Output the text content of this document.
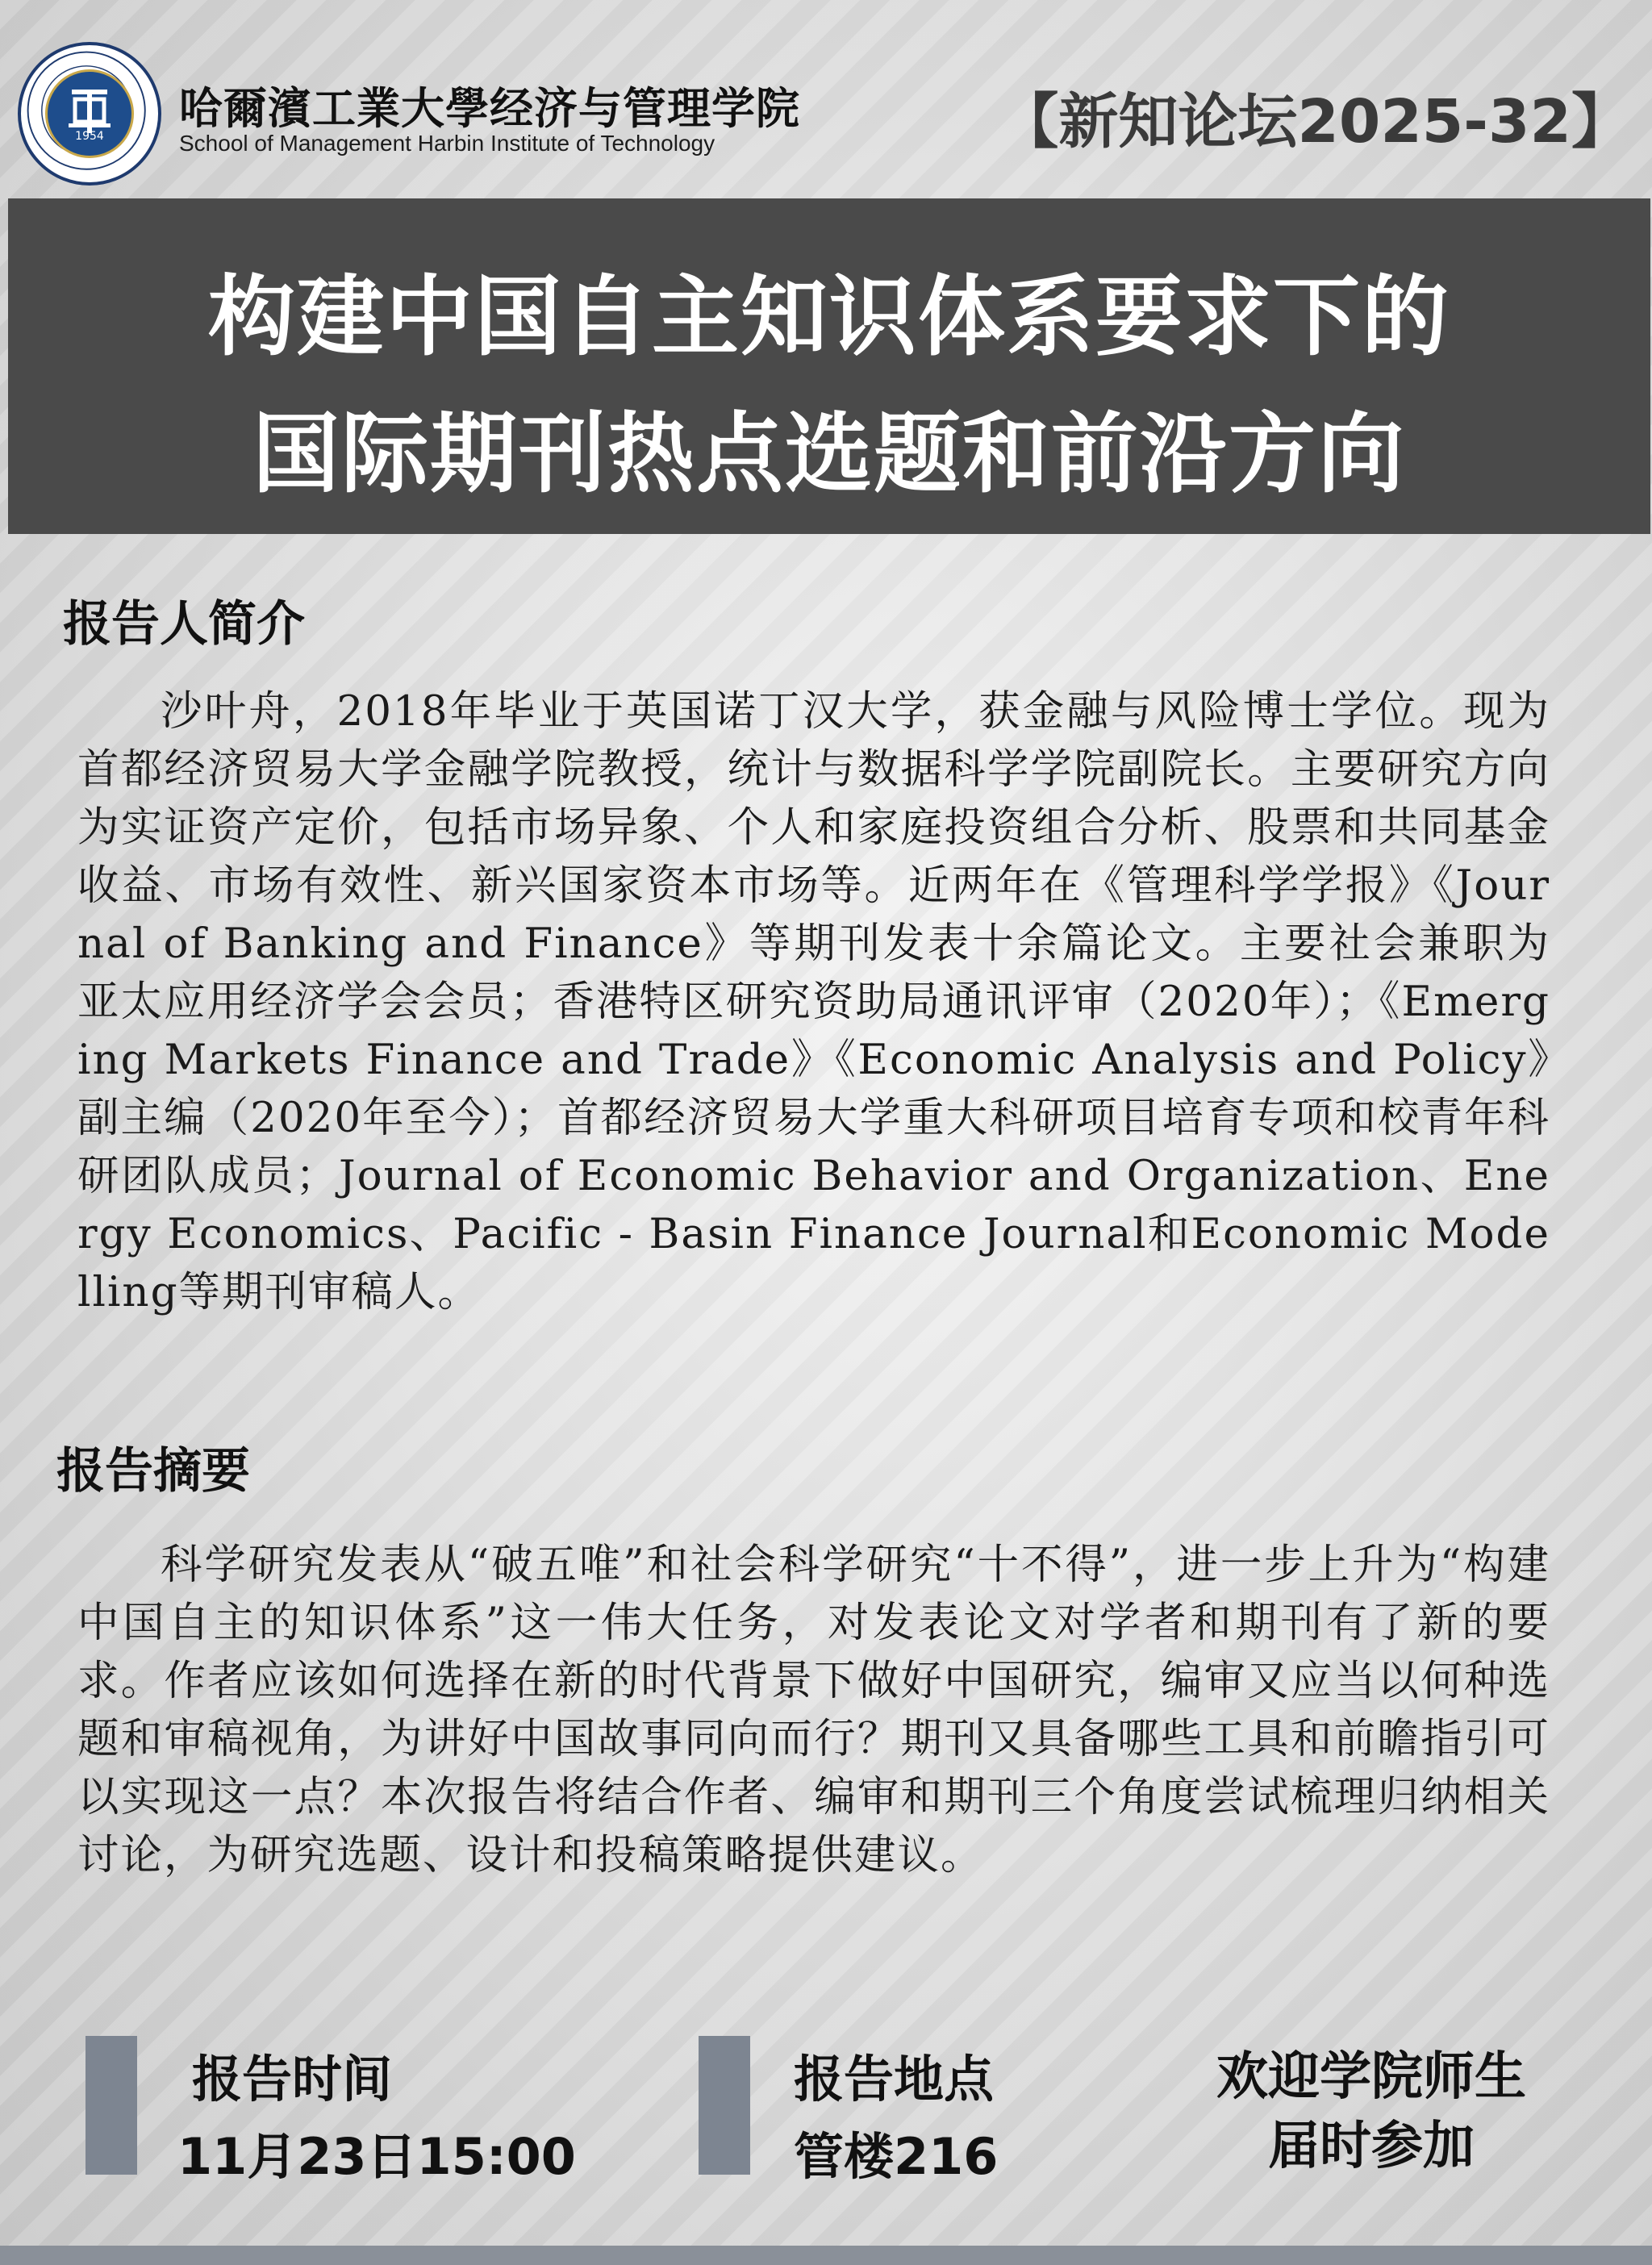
1954
哈爾濱工業大學经济与管理学院
School of Management Harbin Institute of Technology	【新知论坛2025-32】
构建中国自主知识体系要求下的
国际期刊热点选题和前沿方向
报告人简介
沙叶舟，2018年毕业于英国诺丁汉大学，获金融与风险博士学位。现为首都经济贸易大学金融学院教授，统计与数据科学学院副院长。主要研究方向为实证资产定价，包括市场异象、个人和家庭投资组合分析、股票和共同基金收益、市场有效性、新兴国家资本市场等。近两年在《管理科学学报》《Journal of Banking and Finance》等期刊发表十余篇论文。主要社会兼职为亚太应用经济学会会员；香港特区研究资助局通讯评审（2020年）；《Emerging Markets Finance and Trade》《Economic Analysis and Policy》副主编（2020年至今）；首都经济贸易大学重大科研项目培育专项和校青年科研团队成员；Journal of Economic Behavior and Organization、Energy Economics、Pacific - Basin Finance Journal和Economic Modelling等期刊审稿人。
报告摘要
科学研究发表从“破五唯”和社会科学研究“十不得”，进一步上升为“构建中国自主的知识体系”这一伟大任务，对发表论文对学者和期刊有了新的要求。作者应该如何选择在新的时代背景下做好中国研究，编审又应当以何种选题和审稿视角，为讲好中国故事同向而行？期刊又具备哪些工具和前瞻指引可以实现这一点？本次报告将结合作者、编审和期刊三个角度尝试梳理归纳相关讨论，为研究选题、设计和投稿策略提供建议。
报告时间
11月23日15:00
报告地点
管楼216
欢迎学院师生
届时参加
